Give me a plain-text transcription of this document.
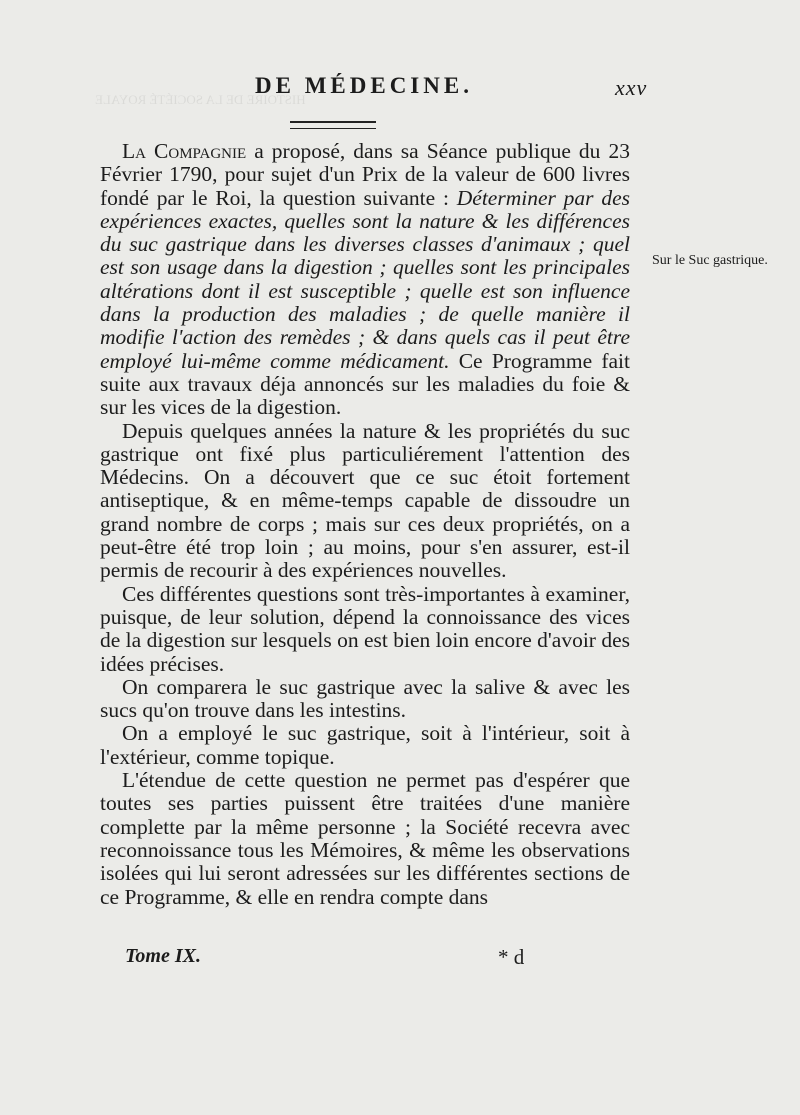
HISTOIRE DE LA SOCIÉTÉ ROYALE
DE MÉDECINE.	xxv

La Compagnie a proposé, dans sa Séance publique du 23 Février 1790, pour sujet d'un Prix de la valeur de 600 livres fondé par le Roi, la question suivante : Déterminer par des expériences exactes, quelles sont la nature & les différences du suc gastrique dans les diverses classes d'animaux ; quel est son usage dans la digestion ; quelles sont les principales altérations dont il est susceptible ; quelle est son influence dans la production des maladies ; de quelle manière il modifie l'action des remèdes ; & dans quels cas il peut être employé lui-même comme médicament. Ce Programme fait suite aux travaux déja annoncés sur les maladies du foie & sur les vices de la digestion.

Depuis quelques années la nature & les propriétés du suc gastrique ont fixé plus particuliérement l'attention des Médecins. On a découvert que ce suc étoit fortement antiseptique, & en même-temps capable de dissoudre un grand nombre de corps ; mais sur ces deux propriétés, on a peut-être été trop loin ; au moins, pour s'en assurer, est-il permis de recourir à des expériences nouvelles.

Ces différentes questions sont très-importantes à examiner, puisque, de leur solution, dépend la connoissance des vices de la digestion sur lesquels on est bien loin encore d'avoir des idées précises.

On comparera le suc gastrique avec la salive & avec les sucs qu'on trouve dans les intestins.

On a employé le suc gastrique, soit à l'intérieur, soit à l'extérieur, comme topique.

L'étendue de cette question ne permet pas d'espérer que toutes ses parties puissent être traitées d'une manière complette par la même personne ; la Société recevra avec reconnoissance tous les Mémoires, & même les observations isolées qui lui seront adressées sur les différentes sections de ce Programme, & elle en rendra compte dans

Sur le Suc gastrique.
Tome IX.	* d
